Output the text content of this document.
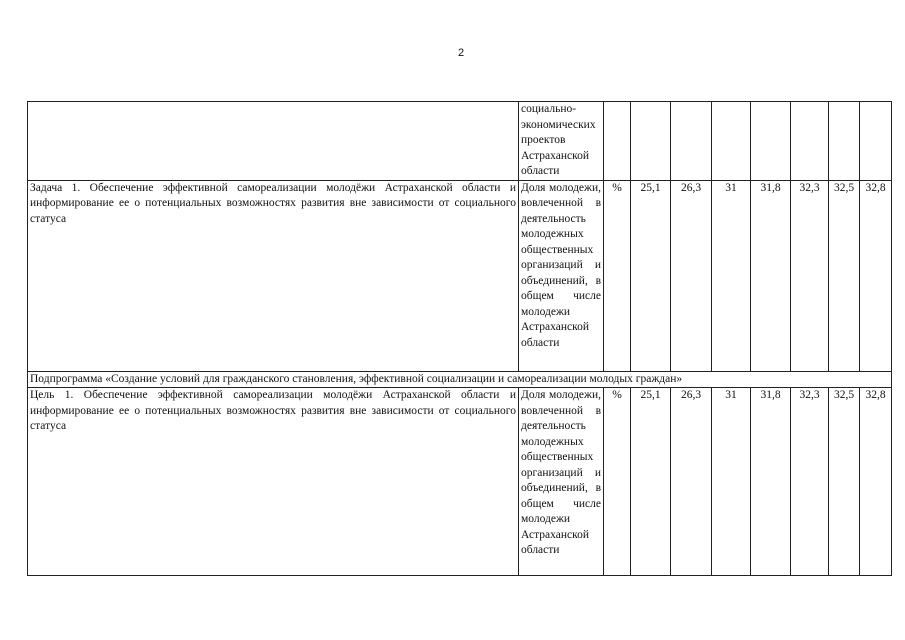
2
	социально-экономических проектов Астраханской области								
Задача 1. Обеспечение эффективной самореализации молодёжи Астраханской области и информирование ее о потенциальных возможностях развития вне зависимости от социального статуса	Доля молодежи, вовлеченной в деятельность молодежных общественных организаций и объединений, в общем числе молодежи Астраханской области	%	25,1	26,3	31	31,8	32,3	32,5	32,8
Подпрограмма «Создание условий для гражданского становления, эффективной социализации и самореализации молодых граждан»									
Цель 1. Обеспечение эффективной самореализации молодёжи Астраханской области и информирование ее о потенциальных возможностях развития вне зависимости от социального статуса	Доля молодежи, вовлеченной в деятельность молодежных общественных организаций и объединений, в общем числе молодежи Астраханской области	%	25,1	26,3	31	31,8	32,3	32,5	32,8
